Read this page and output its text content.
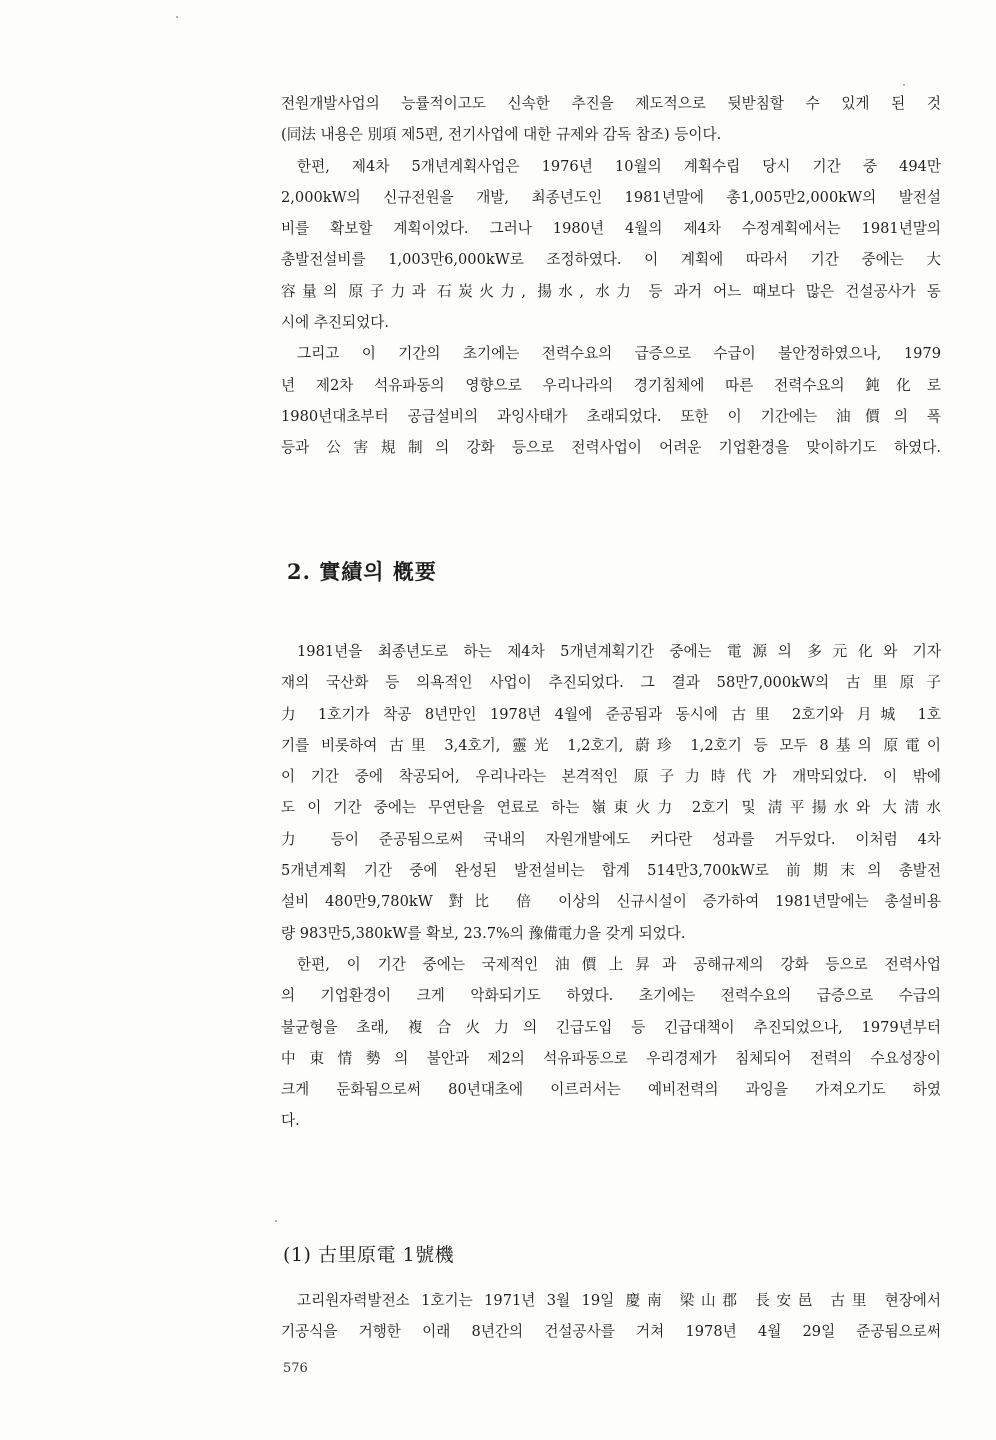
전원개발사업의 능률적이고도 신속한 추진을 제도적으로 뒷받침할 수 있게 된 것
(同法 내용은 別項 제5편, 전기사업에 대한 규제와 감독 참조) 등이다.
한편, 제4차 5개년계획사업은 1976년 10월의 계획수립 당시 기간 중 494만
2,000kW의 신규전원을 개발, 최종년도인 1981년말에 총1,005만2,000kW의 발전설
비를 확보할 계획이었다. 그러나 1980년 4월의 제4차 수정계획에서는 1981년말의
총발전설비를 1,003만6,000kW로 조정하였다. 이 계획에 따라서 기간 중에는 大
容量의 原子力과 石炭火力, 揚水, 水力 등 과거 어느 때보다 많은 건설공사가 동
시에 추진되었다.
그리고 이 기간의 초기에는 전력수요의 급증으로 수급이 불안정하였으나, 1979
년 제2차 석유파동의 영향으로 우리나라의 경기침체에 따른 전력수요의 鈍化로
1980년대초부터 공급설비의 과잉사태가 초래되었다. 또한 이 기간에는 油價의 폭
등과 公害規制의 강화 등으로 전력사업이 어려운 기업환경을 맞이하기도 하였다.
2. 實績의 槪要
1981년을 최종년도로 하는 제4차 5개년계획기간 중에는 電源의 多元化와 기자
재의 국산화 등 의욕적인 사업이 추진되었다. 그 결과 58만7,000kW의 古里原子
力 1호기가 착공 8년만인 1978년 4월에 준공됨과 동시에 古里 2호기와 月城 1호
기를 비롯하여 古里 3,4호기, 靈光 1,2호기, 蔚珍 1,2호기 등 모두 8基의 原電이
이 기간 중에 착공되어, 우리나라는 본격적인 原子力時代가 개막되었다. 이 밖에
도 이 기간 중에는 무연탄을 연료로 하는 嶺東火力 2호기 및 淸平揚水와 大淸水
力 등이 준공됨으로써 국내의 자원개발에도 커다란 성과를 거두었다. 이처럼 4차
5개년계획 기간 중에 완성된 발전설비는 합계 514만3,700kW로 前期末의 총발전
설비 480만9,780kW 對比 倍 이상의 신규시설이 증가하여 1981년말에는 총설비용
량 983만5,380kW를 확보, 23.7%의 豫備電力을 갖게 되었다.
한편, 이 기간 중에는 국제적인 油價上昇과 공해규제의 강화 등으로 전력사업
의 기업환경이 크게 악화되기도 하였다. 초기에는 전력수요의 급증으로 수급의
불균형을 초래, 複合火力의 긴급도입 등 긴급대책이 추진되었으나, 1979년부터
中東情勢의 불안과 제2의 석유파동으로 우리경제가 침체되어 전력의 수요성장이
크게 둔화됨으로써 80년대초에 이르러서는 예비전력의 과잉을 가져오기도 하였
다.
(1) 古里原電 1號機
고리원자력발전소 1호기는 1971년 3월 19일 慶南 梁山郡 長安邑 古里 현장에서
기공식을 거행한 이래 8년간의 건설공사를 거쳐 1978년 4월 29일 준공됨으로써
576
